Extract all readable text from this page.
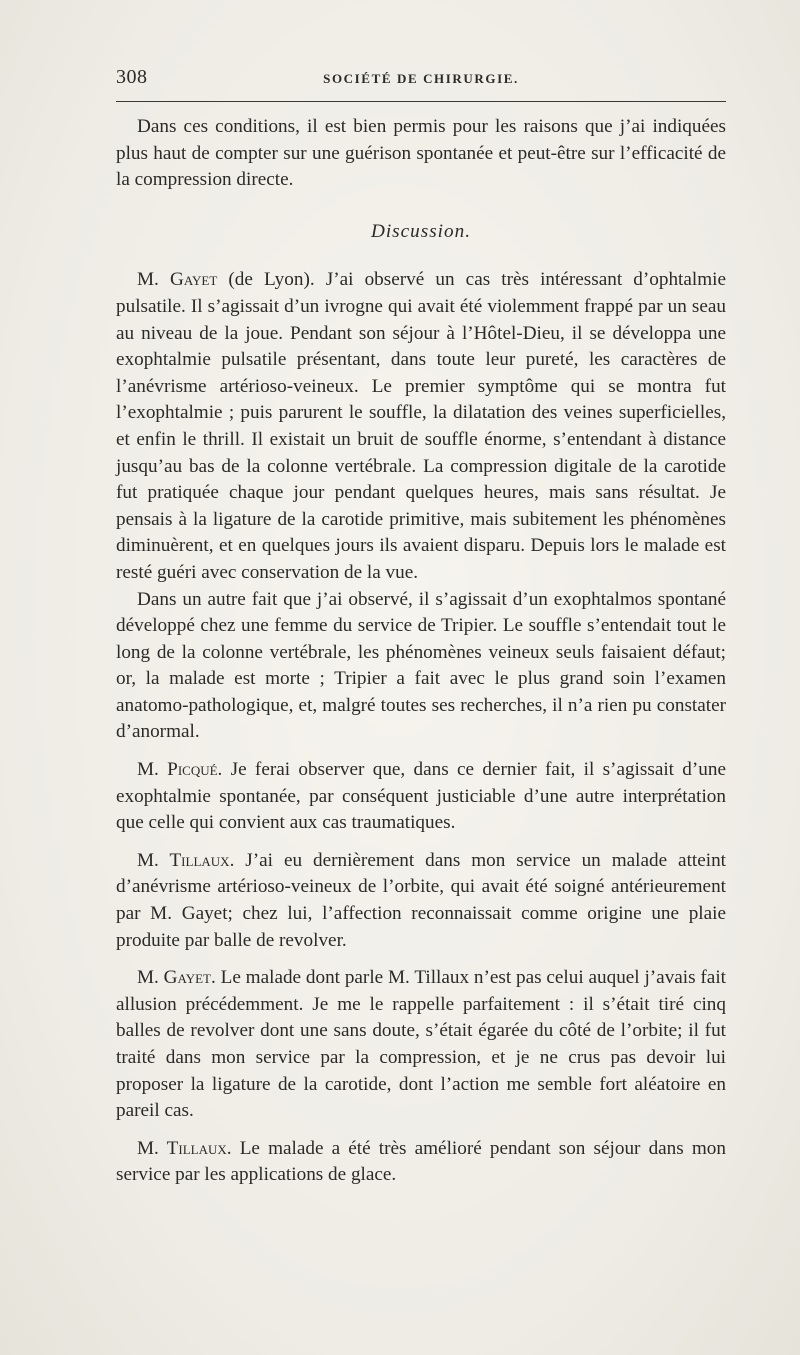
308	SOCIÉTÉ DE CHIRURGIE.

Dans ces conditions, il est bien permis pour les raisons que j’ai indiquées plus haut de compter sur une guérison spontanée et peut-être sur l’efficacité de la compression directe.

Discussion.

M. Gayet (de Lyon). J’ai observé un cas très intéressant d’ophtalmie pulsatile. Il s’agissait d’un ivrogne qui avait été violemment frappé par un seau au niveau de la joue. Pendant son séjour à l’Hôtel-Dieu, il se développa une exophtalmie pulsatile présentant, dans toute leur pureté, les caractères de l’anévrisme artérioso-veineux. Le premier symptôme qui se montra fut l’exophtalmie ; puis parurent le souffle, la dilatation des veines superficielles, et enfin le thrill. Il existait un bruit de souffle énorme, s’entendant à distance jusqu’au bas de la colonne vertébrale. La compression digitale de la carotide fut pratiquée chaque jour pendant quelques heures, mais sans résultat. Je pensais à la ligature de la carotide primitive, mais subitement les phénomènes diminuèrent, et en quelques jours ils avaient disparu. Depuis lors le malade est resté guéri avec conservation de la vue.

Dans un autre fait que j’ai observé, il s’agissait d’un exophtalmos spontané développé chez une femme du service de Tripier. Le souffle s’entendait tout le long de la colonne vertébrale, les phénomènes veineux seuls faisaient défaut; or, la malade est morte ; Tripier a fait avec le plus grand soin l’examen anatomo-pathologique, et, malgré toutes ses recherches, il n’a rien pu constater d’anormal.

M. Picqué. Je ferai observer que, dans ce dernier fait, il s’agissait d’une exophtalmie spontanée, par conséquent justiciable d’une autre interprétation que celle qui convient aux cas traumatiques.

M. Tillaux. J’ai eu dernièrement dans mon service un malade atteint d’anévrisme artérioso-veineux de l’orbite, qui avait été soigné antérieurement par M. Gayet; chez lui, l’affection reconnaissait comme origine une plaie produite par balle de revolver.

M. Gayet. Le malade dont parle M. Tillaux n’est pas celui auquel j’avais fait allusion précédemment. Je me le rappelle parfaitement : il s’était tiré cinq balles de revolver dont une sans doute, s’était égarée du côté de l’orbite; il fut traité dans mon service par la compression, et je ne crus pas devoir lui proposer la ligature de la carotide, dont l’action me semble fort aléatoire en pareil cas.

M. Tillaux. Le malade a été très amélioré pendant son séjour dans mon service par les applications de glace.
